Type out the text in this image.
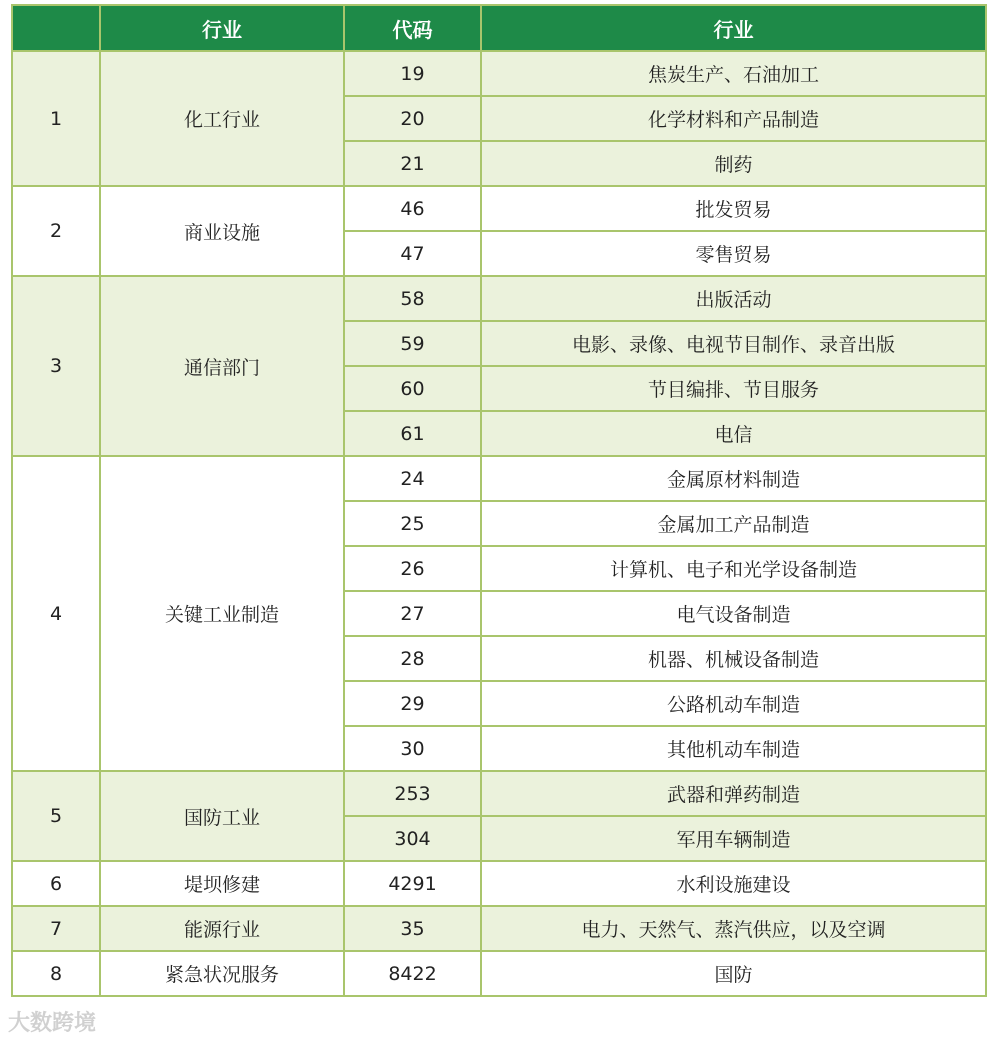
	行业	代码	行业
1	化工行业	19	焦炭生产、石油加工
		20	化学材料和产品制造
		21	制药
2	商业设施	46	批发贸易
		47	零售贸易
3	通信部门	58	出版活动
		59	电影、录像、电视节目制作、录音出版
		60	节目编排、节目服务
		61	电信
4	关键工业制造	24	金属原材料制造
		25	金属加工产品制造
		26	计算机、电子和光学设备制造
		27	电气设备制造
		28	机器、机械设备制造
		29	公路机动车制造
		30	其他机动车制造
5	国防工业	253	武器和弹药制造
		304	军用车辆制造
6	堤坝修建	4291	水利设施建设
7	能源行业	35	电力、天然气、蒸汽供应，以及空调
8	紧急状况服务	8422	国防
大数跨境
